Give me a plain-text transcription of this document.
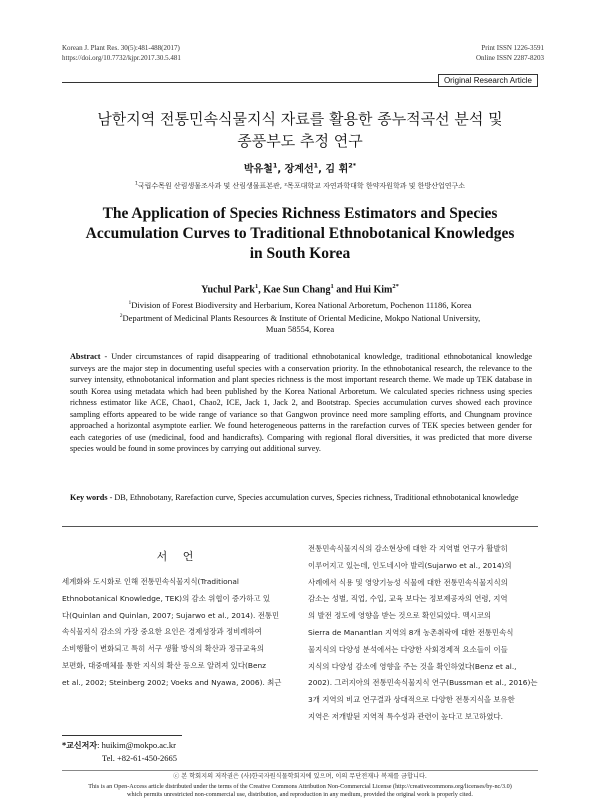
Korean J. Plant Res. 30(5):481-488(2017)
https://doi.org/10.7732/kjpr.2017.30.5.481
Print ISSN 1226-3591
Online ISSN 2287-8203
Original Research Article
남한지역 전통민속식물지식 자료를 활용한 종누적곡선 분석 및
종풍부도 추정 연구
박유철$^1$, 장계선$^1$, 김 휘$^{2*}$
$^1$국립수목원 산림생물조사과 및 산림생물표본관, ²목포대학교 자연과학대학 한약자원학과 및 한방산업연구소
The Application of Species Richness Estimators and Species
Accumulation Curves to Traditional Ethnobotanical Knowledges
in South Korea
Yuchul Park$^1$, Kae Sun Chang$^1$ and Hui Kim$^{2*}$
$^1$Division of Forest Biodiversity and Herbarium, Korea National Arboretum, Pochenon 11186, Korea
$^2$Department of Medicinal Plants Resources & Institute of Oriental Medicine, Mokpo National University,
Muan 58554, Korea
Abstract - Under circumstances of rapid disappearing of traditional ethnobotanical knowledge, traditional ethnobotanical knowledge surveys are the major step in documenting useful species with a conservation priority. In the ethnobotanical research, the relevance to the survey intensity, ethnobotanical information and plant species richness is the most important research theme. We made up TEK database in south Korea using metadata which had been published by the Korea National Arboretum. We calculated species richness using species richness estimator like ACE, Chao1, Chao2, ICE, Jack 1, Jack 2, and Bootstrap. Species accumulation curves showed each province sampling efforts appeared to be wide range of variance so that Gangwon province need more sampling efforts, and Chungnam province approached a horizontal asymptote earlier. We found heterogeneous patterns in the rarefaction curves of TEK species between gender for each categories of use (medicinal, food and handicrafts). Comparing with regional floral diversities, it was predicted that more diverse species would be found in some provinces by carrying out additional survey.
Key words - DB, Ethnobotany, Rarefaction curve, Species accumulation curves, Species richness, Traditional ethnobotanical knowledge
서 언
세계화와 도시화로 인해 전통민속식물지식(Traditional
Ethnobotanical Knowledge, TEK)의 감소 위협이 증가하고 있
다(Quinlan and Quinlan, 2007; Sujarwo et al., 2014). 전통민
속식물지식 감소의 가장 중요한 요인은 경제성장과 정비례하여
소비행활이 변화되고 특히 서구 생활 방식의 확산과 정규교육의
보편화, 대중매체를 통한 지식의 확산 등으로 알려져 있다(Benz
et al., 2002; Steinberg 2002; Voeks and Nyawa, 2006). 최근
전통민속식물지식의 감소현상에 대한 각 지역별 연구가 활발히
이루어지고 있는데, 인도네시아 발리(Sujarwo et al., 2014)의
사례에서 식용 및 영양기능성 식물에 대한 전통민속식물지식의
감소는 성별, 직업, 수입, 교육 보다는 정보제공자의 연령, 지역
의 발전 정도에 영향을 받는 것으로 확인되었다. 멕시코의
Sierra de Manantlan 지역의 8개 농촌취락에 대한 전통민속식
물지식의 다양성 분석에서는 다양한 사회경제적 요소들이 이들
지식의 다양성 감소에 영향을 주는 것을 확인하였다(Benz et al.,
2002). 그러지아의 전통민속식물지식 연구(Bussman et al., 2016)는
3개 지역의 비교 연구결과 상대적으로 다양한 전통지식을 보유한
지역은 저개발된 지역적 특수성과 관련이 높다고 보고하였다.
*교신저자: huikim@mokpo.ac.kr
Tel. +82-61-450-2665
ⓒ 본 학회지의 저작권은 (사)한국자원식물학회지에 있으며, 이의 무단전재나 복제를 금합니다.
This is an Open-Access article distributed under the terms of the Creative Commons Attribution Non-Commercial License (http://creativecommons.org/licenses/by-nc/3.0)
which permits unrestricted non-commercial use, distribution, and reproduction in any medium, provided the original work is properly cited.
